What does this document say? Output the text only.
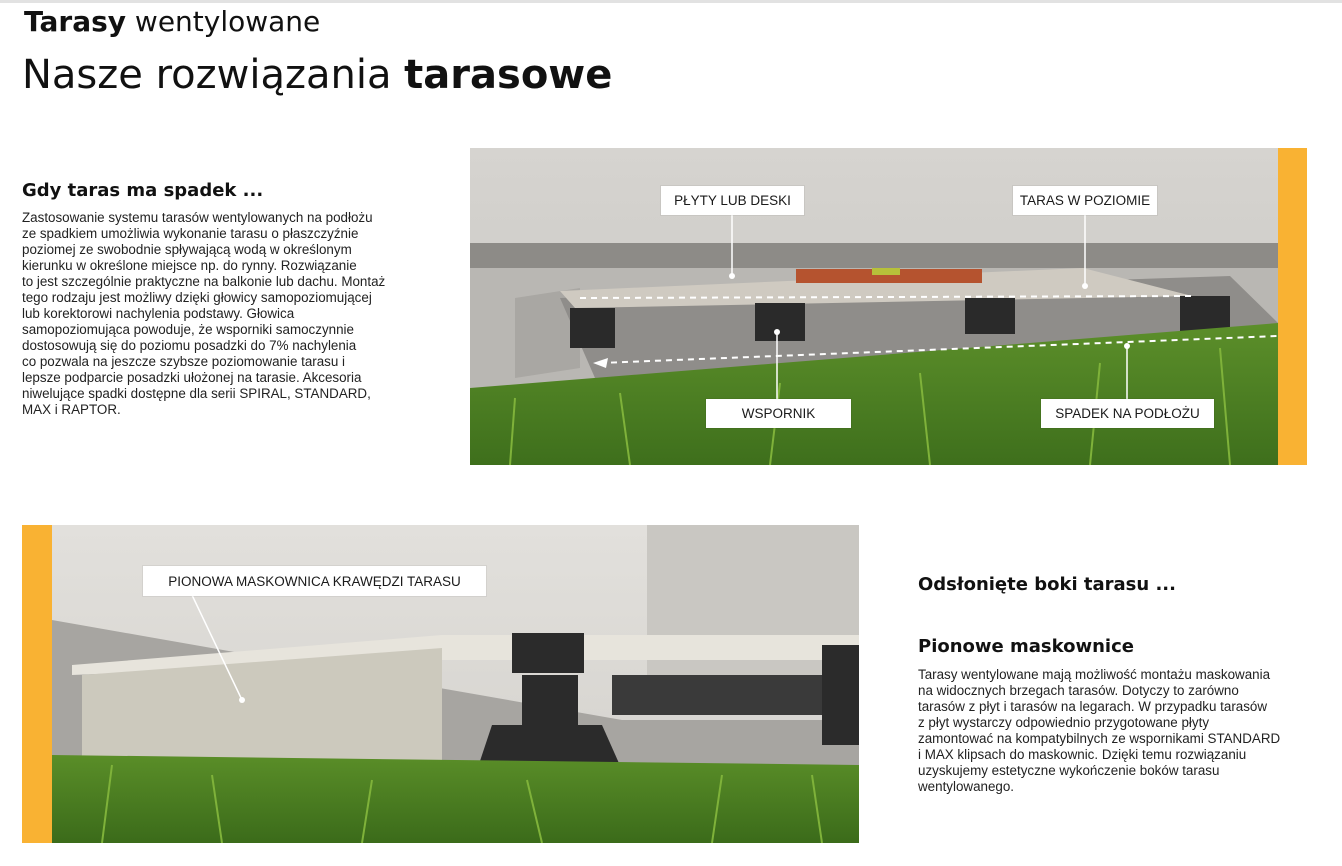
Tarasy wentylowane
Nasze rozwiązania tarasowe
Gdy taras ma spadek ...
Zastosowanie systemu tarasów wentylowanych na podłożu
ze spadkiem umożliwia wykonanie tarasu o płaszczyźnie
poziomej ze swobodnie spływającą wodą w określonym
kierunku w określone miejsce np. do rynny. Rozwiązanie
to jest szczególnie praktyczne na balkonie lub dachu. Montaż
tego rodzaju jest możliwy dzięki głowicy samopoziomującej
lub korektorowi nachylenia podstawy. Głowica
samopoziomująca powoduje, że wsporniki samoczynnie
dostosowują się do poziomu posadzki do 7% nachylenia
co pozwala na jeszcze szybsze poziomowanie tarasu i
lepsze podparcie posadzki ułożonej na tarasie. Akcesoria
niwelujące spadki dostępne dla serii SPIRAL, STANDARD,
MAX i RAPTOR.
PŁYTY LUB DESKI	TARAS W POZIOMIE
WSPORNIK	SPADEK NA PODŁOŻU
PIONOWA MASKOWNICA KRAWĘDZI TARASU	Odsłonięte boki tarasu ...
Pionowe maskownice
Tarasy wentylowane mają możliwość montażu maskowania
na widocznych brzegach tarasów. Dotyczy to zarówno
tarasów z płyt i tarasów na legarach. W przypadku tarasów
z płyt wystarczy odpowiednio przygotowane płyty
zamontować na kompatybilnych ze wspornikami STANDARD
i MAX klipsach do maskownic. Dzięki temu rozwiązaniu
uzyskujemy estetyczne wykończenie boków tarasu
wentylowanego.
